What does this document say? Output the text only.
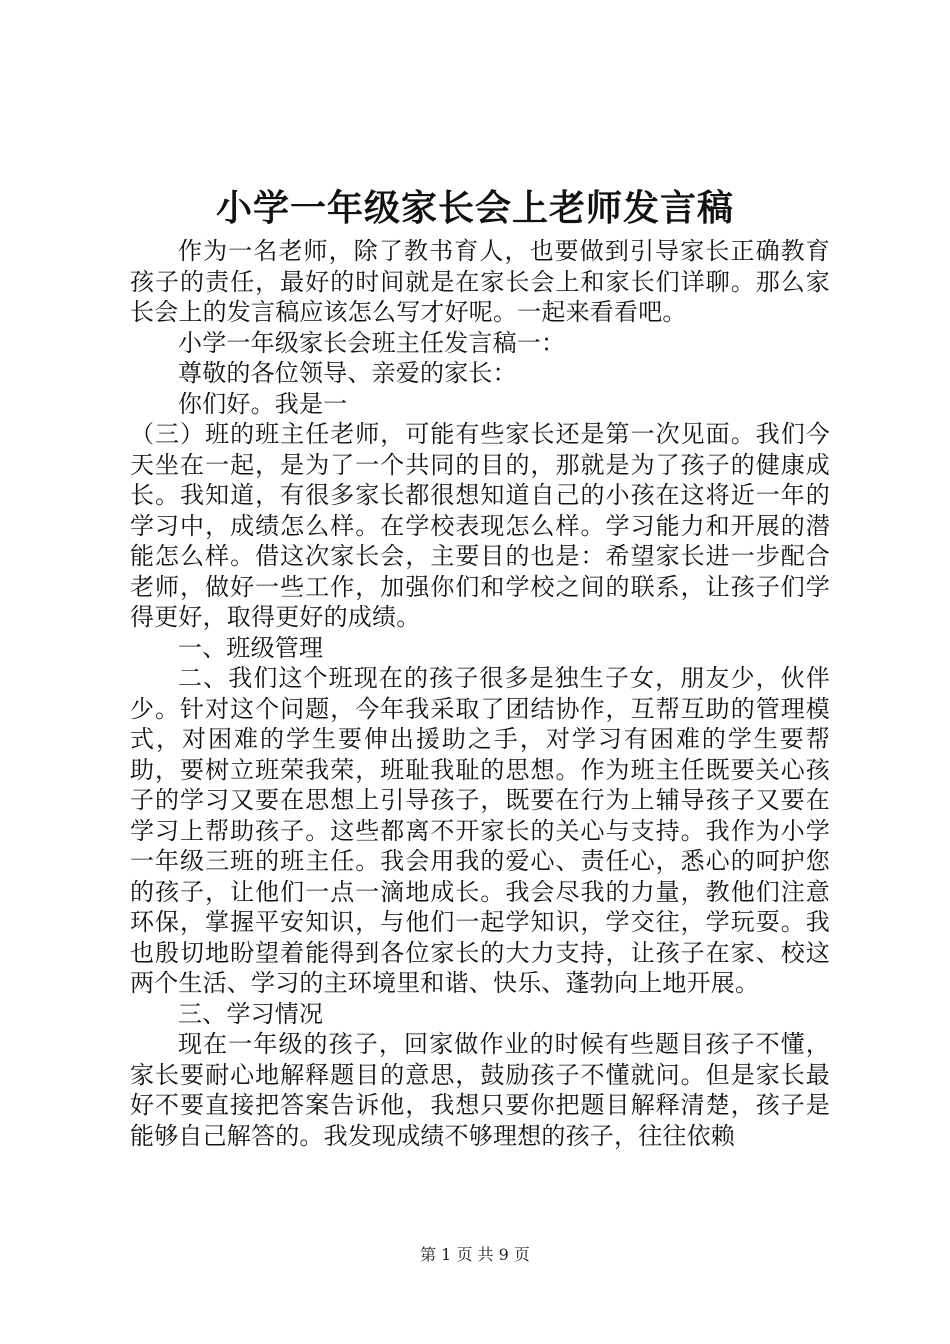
小学一年级家长会上老师发言稿

作为一名老师，除了教书育人，也要做到引导家长正确教育孩子的责任，最好的时间就是在家长会上和家长们详聊。那么家长会上的发言稿应该怎么写才好呢。一起来看看吧。

小学一年级家长会班主任发言稿一：

尊敬的各位领导、亲爱的家长：

你们好。我是一

（三）班的班主任老师，可能有些家长还是第一次见面。我们今天坐在一起，是为了一个共同的目的，那就是为了孩子的健康成长。我知道，有很多家长都很想知道自己的小孩在这将近一年的学习中，成绩怎么样。在学校表现怎么样。学习能力和开展的潜能怎么样。借这次家长会，主要目的也是：希望家长进一步配合老师，做好一些工作，加强你们和学校之间的联系，让孩子们学得更好，取得更好的成绩。

一、班级管理

二、我们这个班现在的孩子很多是独生子女，朋友少，伙伴少。针对这个问题，今年我采取了团结协作，互帮互助的管理模式，对困难的学生要伸出援助之手，对学习有困难的学生要帮助，要树立班荣我荣，班耻我耻的思想。作为班主任既要关心孩子的学习又要在思想上引导孩子，既要在行为上辅导孩子又要在学习上帮助孩子。这些都离不开家长的关心与支持。我作为小学一年级三班的班主任。我会用我的爱心、责任心，悉心的呵护您的孩子，让他们一点一滴地成长。我会尽我的力量，教他们注意环保，掌握平安知识，与他们一起学知识，学交往，学玩耍。我也殷切地盼望着能得到各位家长的大力支持，让孩子在家、校这两个生活、学习的主环境里和谐、快乐、蓬勃向上地开展。

三、学习情况

现在一年级的孩子，回家做作业的时候有些题目孩子不懂，家长要耐心地解释题目的意思，鼓励孩子不懂就问。但是家长最好不要直接把答案告诉他，我想只要你把题目解释清楚，孩子是能够自己解答的。我发现成绩不够理想的孩子，往往依赖

第 1 页 共 9 页
